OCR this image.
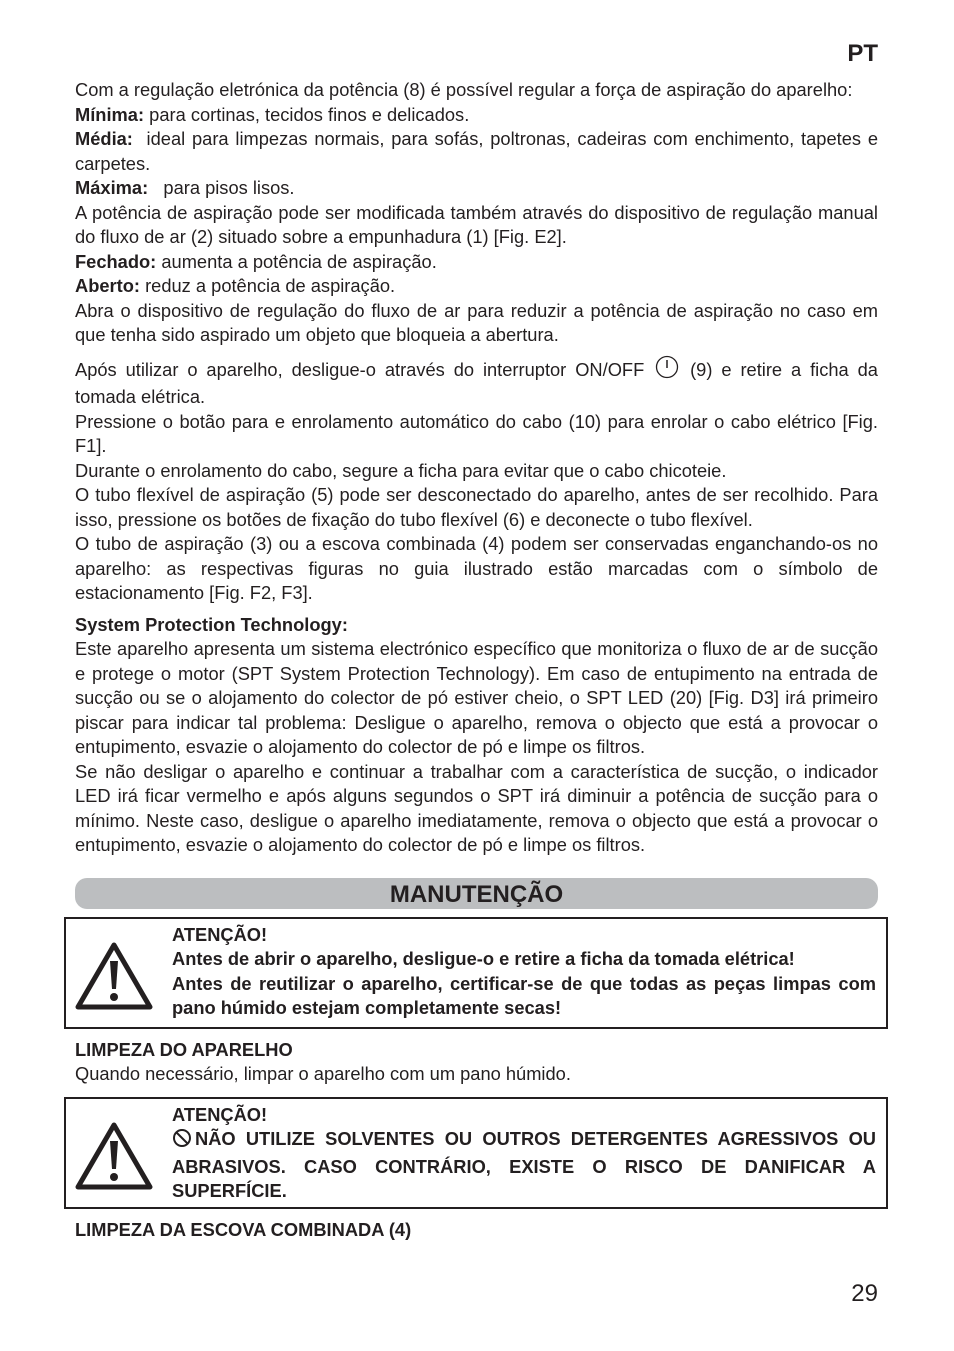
PT

Com a regulação eletrónica da potência (8) é possível regular a força de aspiração do aparelho:

Mínima: para cortinas, tecidos finos e delicados.

Média: ideal para limpezas normais, para sofás, poltronas, cadeiras com enchimento, tapetes e carpetes.

Máxima: para pisos lisos.

A potência de aspiração pode ser modificada também através do dispositivo de regulação manual do fluxo de ar (2) situado sobre a empunhadura (1) [Fig. E2].

Fechado: aumenta a potência de aspiração.

Aberto: reduz a potência de aspiração.

Abra o dispositivo de regulação do fluxo de ar para reduzir a potência de aspiração no caso em que tenha sido aspirado um objeto que bloqueia a abertura.

Após utilizar o aparelho, desligue-o através do interruptor ON/OFF	(9) e retire a ficha da tomada elétrica.

Pressione o botão para e enrolamento automático do cabo (10) para enrolar o cabo elétrico [Fig. F1].

Durante o enrolamento do cabo, segure a ficha para evitar que o cabo chicoteie.

O tubo flexível de aspiração (5) pode ser desconectado do aparelho, antes de ser recolhido. Para isso, pressione os botões de fixação do tubo flexível (6) e deconecte o tubo flexível.

O tubo de aspiração (3) ou a escova combinada (4) podem ser conservadas enganchando-os no aparelho: as respectivas figuras no guia ilustrado estão marcadas com o símbolo de estacionamento [Fig. F2, F3].

System Protection Technology:

Este aparelho apresenta um sistema electrónico específico que monitoriza o fluxo de ar de sucção e protege o motor (SPT System Protection Technology). Em caso de entupimento na entrada de sucção ou se o alojamento do colector de pó estiver cheio, o SPT LED (20) [Fig. D3] irá primeiro piscar para indicar tal problema: Desligue o aparelho, remova o objecto que está a provocar o entupimento, esvazie o alojamento do colector de pó e limpe os filtros.

Se não desligar o aparelho e continuar a trabalhar com a característica de sucção, o indicador LED irá ficar vermelho e após alguns segundos o SPT irá diminuir a potência de sucção para o mínimo. Neste caso, desligue o aparelho imediatamente, remova o objecto que está a provocar o entupimento, esvazie o alojamento do colector de pó e limpe os filtros.

MANUTENÇÃO
ATENÇÃO!
Antes de abrir o aparelho, desligue-o e retire a ficha da tomada elétrica!
Antes de reutilizar o aparelho, certificar-se de que todas as peças limpas com pano húmido estejam completamente secas!

LIMPEZA DO APARELHO

Quando necessário, limpar o aparelho com um pano húmido.

ATENÇÃO!
NÃO UTILIZE SOLVENTES OU OUTROS DETERGENTES AGRESSIVOS OU ABRASIVOS. CASO CONTRÁRIO, EXISTE O RISCO DE DANIFICAR A SUPERFÍCIE.

LIMPEZA DA ESCOVA COMBINADA (4)

29
